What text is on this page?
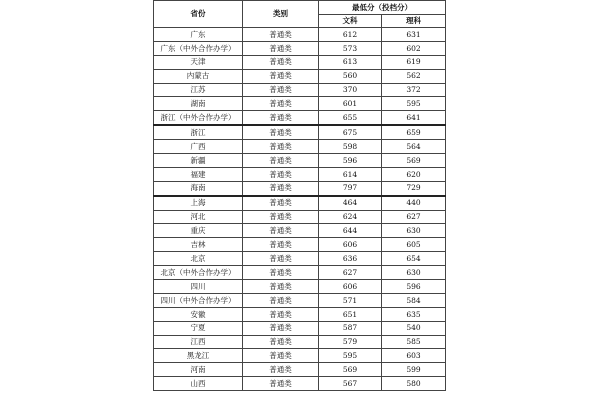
省份	类别	最低分（投档分）	
		文科	理科
广东	普通类	612	631
广东（中外合作办学）	普通类	573	602
天津	普通类	613	619
内蒙古	普通类	560	562
江苏	普通类	370	372
湖南	普通类	601	595
浙江（中外合作办学）	普通类	655	641
浙江	普通类	675	659
广西	普通类	598	564
新疆	普通类	596	569
福建	普通类	614	620
海南	普通类	797	729
上海	普通类	464	440
河北	普通类	624	627
重庆	普通类	644	630
吉林	普通类	606	605
北京	普通类	636	654
北京（中外合作办学）	普通类	627	630
四川	普通类	606	596
四川（中外合作办学）	普通类	571	584
安徽	普通类	651	635
宁夏	普通类	587	540
江西	普通类	579	585
黑龙江	普通类	595	603
河南	普通类	569	599
山西	普通类	567	580
